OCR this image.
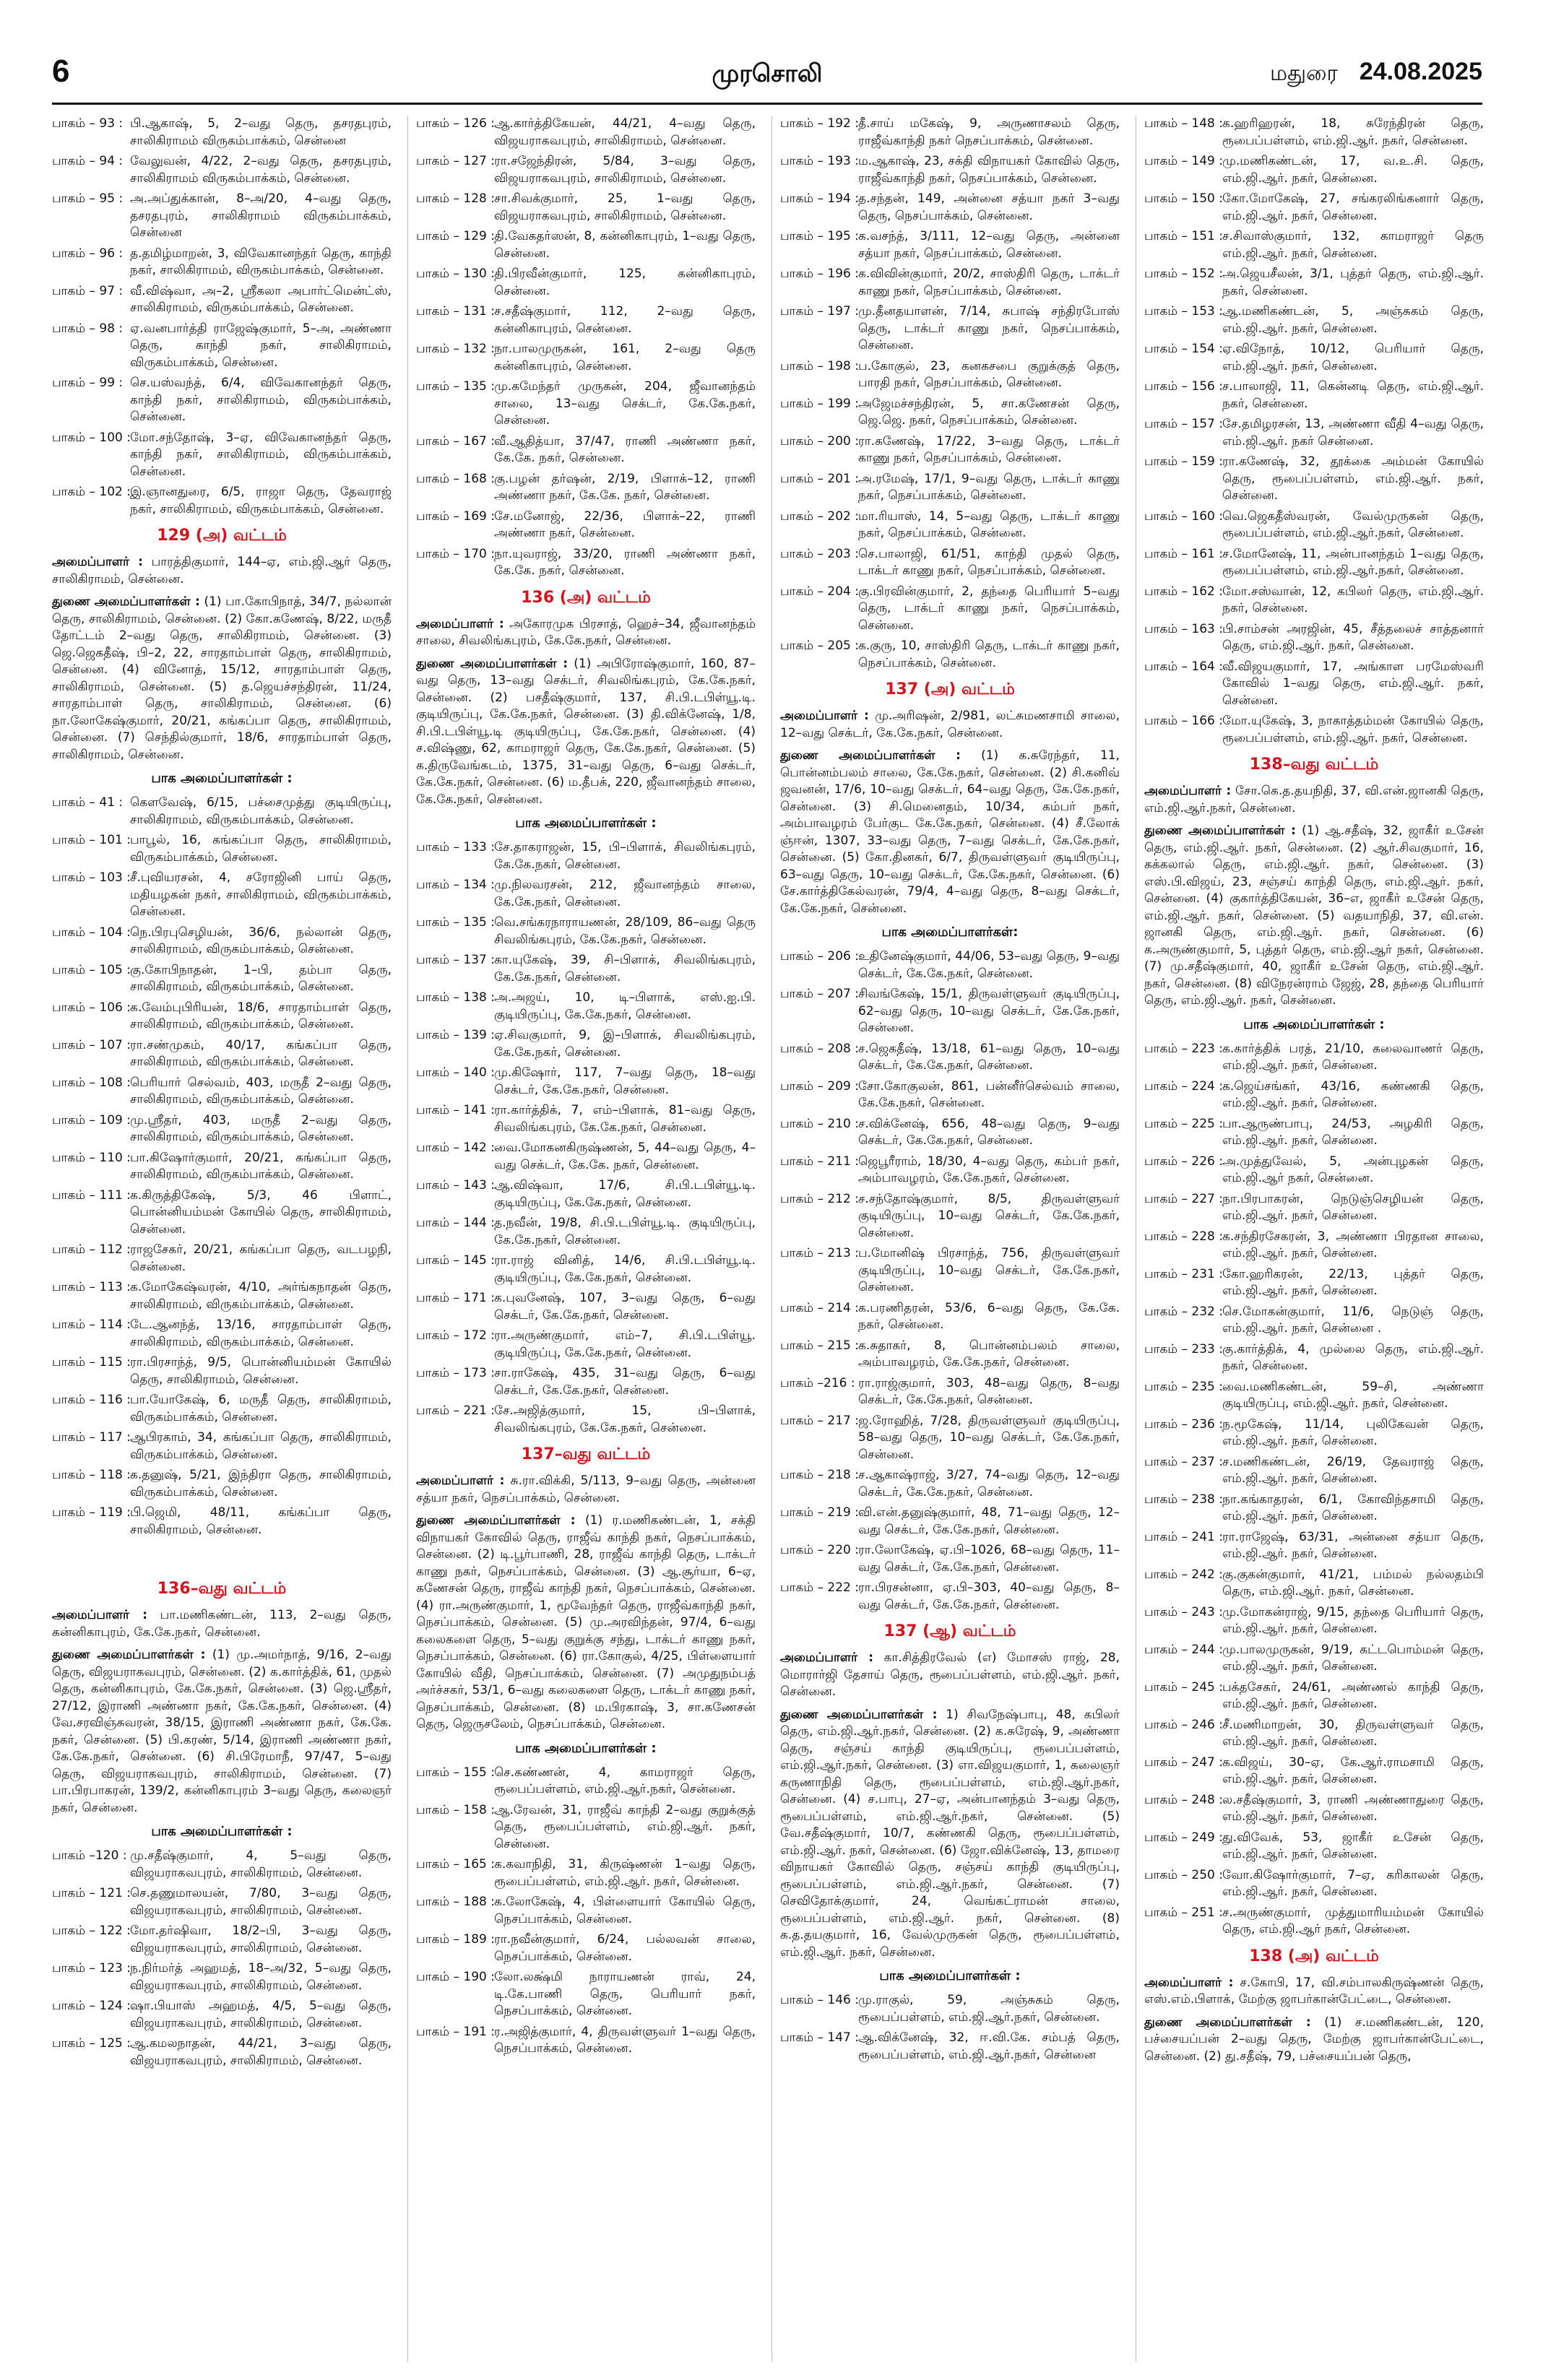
6	முரசொலி	மதுரை 24.08.2025
பாகம் – 93 : பி.ஆகாஷ், 5, 2–வது தெரு, தசரதபுரம், சாலிகிராமம் விருகம்பாக்கம், சென்னை
பாகம் – 94 : வேலுவன், 4/22, 2–வது தெரு, தசரதபுரம், சாலிகிராமம் விருகம்பாக்கம், சென்னை.
பாகம் – 95 : அ.அப்துக்கான், 8–அ/20, 4–வது தெரு, தசரதபுரம், சாலிகிராமம் விருகம்பாக்கம், சென்னை
பாகம் – 96 : த.தமிழ்மாறன், 3, விவேகானந்தர் தெரு, காந்தி நகர், சாலிகிராமம், விருகம்பாக்கம், சென்னை.
பாகம் – 97 : வீ.விஷ்வா, அ–2, ஸ்ரீகலா அபார்ட்மென்ட்ஸ், சாலிகிராமம், விருகம்பாக்கம், சென்னை.
பாகம் – 98 : ஏ.வனபார்த்தி ராஜேஷ்குமார், 5–அ, அண்ணா தெரு, காந்தி நகர், சாலிகிராமம், விருகம்பாக்கம், சென்னை.
பாகம் – 99 : செ.யஸ்வந்த், 6/4, விவேகானந்தர் தெரு, காந்தி நகர், சாலிகிராமம், விருகம்பாக்கம், சென்னை.
பாகம் – 100 : மோ.சந்தோஷ், 3–ஏ, விவேகானந்தர் தெரு, காந்தி நகர், சாலிகிராமம், விருகம்பாக்கம், சென்னை.
பாகம் – 102 : இ.ஞானதுரை, 6/5, ராஜா தெரு, தேவராஜ் நகர், சாலிகிராமம், விருகம்பாக்கம், சென்னை.
129 (அ) வட்டம்
அமைப்பாளர் : பாரத்திகுமார், 144–ஏ, எம்.ஜி.ஆர் தெரு, சாலிகிராமம், சென்னை.
துணை அமைப்பாளர்கள் : (1) பா.கோபிநாத், 34/7, நல்லான் தெரு, சாலிகிராமம், சென்னை. (2) கோ.கணேஷ், 8/22, மருதீ தோட்டம் 2–வது தெரு, சாலிகிராமம், சென்னை. (3) ஜெ.ஜெகதீஷ், பி–2, 22, சாரதாம்பாள் தெரு, சாலிகிராமம், சென்னை. (4) வினோத், 15/12, சாரதாம்பாள் தெரு, சாலிகிராமம், சென்னை. (5) த.ஜெயச்சந்திரன், 11/24, சாரதாம்பாள் தெரு, சாலிகிராமம், சென்னை. (6) நா.லோகேஷ்குமார், 20/21, கங்கப்பா தெரு, சாலிகிராமம், சென்னை. (7) செந்தில்குமார், 18/6, சாரதாம்பாள் தெரு, சாலிகிராமம், சென்னை.
பாக அமைப்பாளர்கள் :
பாகம் – 41 : கௌவேஷ், 6/15, பச்சைமுத்து குடியிருப்பு, சாலிகிராமம், விருகம்பாக்கம், சென்னை.
பாகம் – 101 : பாபூல், 16, கங்கப்பா தெரு, சாலிகிராமம், விருகம்பாக்கம், சென்னை.
பாகம் – 103 : சீ.புவியரசன், 4, சரோஜினி பாய் தெரு, மதியழகன் நகர், சாலிகிராமம், விருகம்பாக்கம், சென்னை.
பாகம் – 104 : நெ.பிரபுசெழியன், 36/6, நல்லான் தெரு, சாலிகிராமம், விருகம்பாக்கம், சென்னை.
பாகம் – 105 : கு.கோபிநாதன், 1–பி, தம்பா தெரு, சாலிகிராமம், விருகம்பாக்கம், சென்னை.
பாகம் – 106 : க.வேம்புபிரியன், 18/6, சாரதாம்பாள் தெரு, சாலிகிராமம், விருகம்பாக்கம், சென்னை.
பாகம் – 107 : ரா.சண்முகம், 40/17, கங்கப்பா தெரு, சாலிகிராமம், விருகம்பாக்கம், சென்னை.
பாகம் – 108 : பெரியார் செல்வம், 403, மருதீ 2–வது தெரு, சாலிகிராமம், விருகம்பாக்கம், சென்னை.
பாகம் – 109 : மு.ஸ்ரீதர், 403, மருதீ 2–வது தெரு, சாலிகிராமம், விருகம்பாக்கம், சென்னை.
பாகம் – 110 : பா.கிஷோர்குமார், 20/21, கங்கப்பா தெரு, சாலிகிராமம், விருகம்பாக்கம், சென்னை.
பாகம் – 111 : க.கிருத்திகேஷ், 5/3, 46 பிளாட், பொன்னியம்மன் கோயில் தெரு, சாலிகிராமம், சென்னை.
பாகம் – 112 : ராஜசேகர், 20/21, கங்கப்பா தெரு, வடபழநி, சென்னை.
பாகம் – 113 : க.மோகேஷ்வரன், 4/10, அர்ங்கநாதன் தெரு, சாலிகிராமம், விருகம்பாக்கம், சென்னை.
பாகம் – 114 : டே.ஆனந்த், 13/16, சாரதாம்பாள் தெரு, சாலிகிராமம், விருகம்பாக்கம், சென்னை.
பாகம் – 115 : ரா.பிரசாந்த், 9/5, பொன்னியம்மன் கோயில் தெரு, சாலிகிராமம், சென்னை.
பாகம் – 116 : பா.யோகேஷ், 6, மருதீ தெரு, சாலிகிராமம், விருகம்பாக்கம், சென்னை.
பாகம் – 117 : ஆபிரகாம், 34, கங்கப்பா தெரு, சாலிகிராமம், விருகம்பாக்கம், சென்னை.
பாகம் – 118 : க.தனுஷ், 5/21, இந்திரா தெரு, சாலிகிராமம், விருகம்பாக்கம், சென்னை.
பாகம் – 119 : பி.ஜெமி, 48/11, கங்கப்பா தெரு, சாலிகிராமம், சென்னை.
136–வது வட்டம்
அமைப்பாளர் : பா.மணிகண்டன், 113, 2–வது தெரு, கன்னிகாபுரம், கே.கே.நகர், சென்னை.
துணை அமைப்பாளர்கள் : (1) மு.அமர்நாத், 9/16, 2–வது தெரு, விஜயராகவபுரம், சென்னை. (2) க.கார்த்திக், 61, முதல் தெரு, கன்னிகாபுரம், கே.கே.நகர், சென்னை. (3) ஜெ.ஸ்ரீதர், 27/12, இராணி அண்ணா நகர், கே.கே.நகர், சென்னை. (4) வே.சரவிஞ்சுவரன், 38/15, இராணி அண்ணா நகர், கே.கே. நகர், சென்னை. (5) பி.கரண், 5/14, இராணி அண்ணா நகர், கே.கே.நகர், சென்னை. (6) சி.பிரேமாநீ, 97/47, 5–வது தெரு, விஜயராகவபுரம், சாலிகிராமம், சென்னை. (7) பா.பிரபாகரன், 139/2, கன்னிகாபுரம் 3–வது தெரு, கலைஞர் நகர், சென்னை.
பாக அமைப்பாளர்கள் :
பாகம் –120 : மு.சதீஷ்குமார், 4, 5–வது தெரு, விஜயராகவபுரம், சாலிகிராமம், சென்னை.
பாகம் – 121 : செ.தணுமாலயன், 7/80, 3–வது தெரு, விஜயராகவபுரம், சாலிகிராமம், சென்னை.
பாகம் – 122 : மோ.தர்ஷிவா, 18/2–பி, 3–வது தெரு, விஜயராகவபுரம், சாலிகிராமம், சென்னை.
பாகம் – 123 : ந.நிர்மர்த் அஹமத், 18–அ/32, 5–வது தெரு, விஜயராகவபுரம், சாலிகிராமம், சென்னை.
பாகம் – 124 : ஷா.பியாஸ் அஹமத், 4/5, 5–வது தெரு, விஜயராகவபுரம், சாலிகிராமம், சென்னை.
பாகம் – 125 : ஆ.கமலநாதன், 44/21, 3–வது தெரு, விஜயராகவபுரம், சாலிகிராமம், சென்னை.
பாகம் – 126 : ஆ.கார்த்திகேயன், 44/21, 4–வது தெரு, விஜயராகவபுரம், சாலிகிராமம், சென்னை.
பாகம் – 127 : ரா.சஜேந்திரன், 5/84, 3–வது தெரு, விஜயராகவபுரம், சாலிகிராமம், சென்னை.
பாகம் – 128 : சா.சிவக்குமார், 25, 1–வது தெரு, விஜயராகவபுரம், சாலிகிராமம், சென்னை.
பாகம் – 129 : தி.வேகதர்ஸன், 8, கன்னிகாபுரம், 1–வது தெரு, சென்னை.
பாகம் – 130 : தி.பிரவீன்குமார், 125, கன்னிகாபுரம், சென்னை.
பாகம் – 131 : ச.சதீஷ்குமார், 112, 2–வது தெரு, கன்னிகாபுரம், சென்னை.
பாகம் – 132 : நா.பாலமுருகன், 161, 2–வது தெரு கன்னிகாபுரம், சென்னை.
பாகம் – 135 : மு.கமேந்தர் முருகன், 204, ஜீவானந்தம் சாலை, 13–வது செக்டர், கே.கே.நகர், சென்னை.
பாகம் – 167 : வீ.ஆதித்யா, 37/47, ராணி அண்ணா நகர், கே.கே. நகர், சென்னை.
பாகம் – 168 : கு.பழன் தர்ஷன், 2/19, பிளாக்–12, ராணி அண்ணா நகர், கே.கே. நகர், சென்னை.
பாகம் – 169 : சே.மனோஜ், 22/36, பிளாக்–22, ராணி அண்ணா நகர், சென்னை.
பாகம் – 170 : நா.யுவராஜ், 33/20, ராணி அண்ணா நகர், கே.கே. நகர், சென்னை.
136 (அ) வட்டம்
அமைப்பாளர் : அகோரமுக பிரசாத், ஹெச்–34, ஜீவானந்தம் சாலை, சிவலிங்கபுரம், கே.கே.நகர், சென்னை.
துணை அமைப்பாளர்கள் : (1) அபிரோஷ்குமார், 160, 87–வது தெரு, 13–வது செக்டர், சிவலிங்கபுரம், கே.கே.நகர், சென்னை. (2) பசதீஷ்குமார், 137, சி.பி.டபிள்யூ.டி. குடியிருப்பு, கே.கே.நகர், சென்னை. (3) தி.விக்னேஷ், 1/8, சி.பி.டபிள்யூ.டி குடியிருப்பு, கே.கே.நகர், சென்னை. (4) ச.விஷ்ணு, 62, காமராஜர் தெரு, கே.கே.நகர், சென்னை. (5) க.திருவேங்கடம், 1375, 31–வது தெரு, 6–வது செக்டர், கே.கே.நகர், சென்னை. (6) ம.தீபக், 220, ஜீவானந்தம் சாலை, கே.கே.நகர், சென்னை.
பாக அமைப்பாளர்கள் :
பாகம் – 133 : சே.தாகராஜன், 15, பி–பிளாக், சிவலிங்கபுரம், கே.கே.நகர், சென்னை.
பாகம் – 134 : மு.நிலவரசன், 212, ஜீவானந்தம் சாலை, கே.கே.நகர், சென்னை.
பாகம் – 135 : வெ.சங்கரநாராயணன், 28/109, 86–வது தெரு சிவலிங்கபுரம், கே.கே.நகர், சென்னை.
பாகம் – 137 : கா.யுகேஷ், 39, சி–பிளாக், சிவலிங்கபுரம், கே.கே.நகர், சென்னை.
பாகம் – 138 : அ.அஜய், 10, டி–பிளாக், எஸ்.ஐ.பி. குடியிருப்பு, கே.கே.நகர், சென்னை.
பாகம் – 139 : ஏ.சிவகுமார், 9, இ–பிளாக், சிவலிங்கபுரம், கே.கே.நகர், சென்னை.
பாகம் – 140 : மு.கிஷோர், 117, 7–வது தெரு, 18–வது செக்டர், கே.கே.நகர், சென்னை.
பாகம் – 141 : ரா.கார்த்திக், 7, எம்–பிளாக், 81–வது தெரு, சிவலிங்கபுரம், கே.கே.நகர், சென்னை.
பாகம் – 142 : வை.மோகனகிருஷ்ணன், 5, 44–வது தெரு, 4–வது செக்டர், கே.கே. நகர், சென்னை.
பாகம் – 143 : ஆ.விஷ்வா, 17/6, சி.பி.டபிள்யூ.டி. குடியிருப்பு, கே.கே.நகர், சென்னை.
பாகம் – 144 : த.நவீன், 19/8, சி.பி.டபிள்யூ.டி. குடியிருப்பு, கே.கே.நகர், சென்னை.
பாகம் – 145 : ரா.ராஜ் வினித், 14/6, சி.பி.டபிள்யூ.டி. குடியிருப்பு, கே.கே.நகர், சென்னை.
பாகம் – 171 : க.புவனேஷ், 107, 3–வது தெரு, 6–வது செக்டர், கே.கே.நகர், சென்னை.
பாகம் – 172 : ரா.அருண்குமார், எம்–7, சி.பி.டபிள்யூ. குடியிருப்பு, கே.கே.நகர், சென்னை.
பாகம் – 173 : சா.ராகேஷ், 435, 31–வது தெரு, 6–வது செக்டர், கே.கே.நகர், சென்னை.
பாகம் – 221 : சே.அஜித்குமார், 15, பி–பிளாக், சிவலிங்கபுரம், கே.கே.நகர், சென்னை.
137–வது வட்டம்
அமைப்பாளர் : சு.ரா.விக்கி, 5/113, 9–வது தெரு, அன்னை சத்யா நகர், நெசப்பாக்கம், சென்னை.
துணை அமைப்பாளர்கள் : (1) ர.மணிகண்டன், 1, சக்தி விநாயகர் கோவில் தெரு, ராஜீவ் காந்தி நகர், நெசப்பாக்கம், சென்னை. (2) டி.பூர்பாணி, 28, ராஜீவ் காந்தி தெரு, டாக்டர் காணு நகர், நெசப்பாக்கம், சென்னை. (3) ஆ.சூர்யா, 6–ஏ, கணேசன் தெரு, ராஜீவ் காந்தி நகர், நெசப்பாக்கம், சென்னை. (4) ரா.அருண்குமார், 1, மூவேந்தர் தெரு, ராஜீவ்காந்தி நகர், நெசப்பாக்கம், சென்னை. (5) மு.அரவிந்தன், 97/4, 6–வது கலைகளை தெரு, 5–வது குறுக்கு சந்து, டாக்டர் காணு நகர், நெசப்பாக்கம், சென்னை. (6) ரா.கோகுல், 4/25, பிள்ளையார் கோயில் வீதி, நெசப்பாக்கம், சென்னை. (7) அமுதுநம்பத் அர்ச்சகர், 53/1, 6–வது கலைகளை தெரு, டாக்டர் காணு நகர், நெசப்பாக்கம், சென்னை. (8) ம.பிரகாஷ், 3, சா.கணேசன் தெரு, ஜெருசலேம், நெசப்பாக்கம், சென்னை.
பாக அமைப்பாளர்கள் :
பாகம் – 155 : செ.கண்ணன், 4, காமராஜர் தெரு, ரூபைப்பள்ளம், எம்.ஜி.ஆர்.நகர், சென்னை.
பாகம் – 158 : ஆ.ரேவன், 31, ராஜீவ் காந்தி 2–வது குறுக்குத் தெரு, ரூபைப்பள்ளம், எம்.ஜி.ஆர். நகர், சென்னை.
பாகம் – 165 : க.கவாநிதி, 31, கிருஷ்ணன் 1–வது தெரு, ரூபைப்பள்ளம், எம்.ஜி.ஆர். நகர், சென்னை.
பாகம் – 188 : க.லோகேஷ், 4, பிள்ளையார் கோயில் தெரு, நெசப்பாக்கம், சென்னை.
பாகம் – 189 : ரா.நவீன்குமார், 6/24, பல்லவன் சாலை, நெசப்பாக்கம், சென்னை.
பாகம் – 190 : லோ.லக்ஷ்மி நாராயணன் ராவ், 24, டி.கே.பாணி தெரு, பெரியார் நகர், நெசப்பாக்கம், சென்னை.
பாகம் – 191 : ர.அஜித்குமார், 4, திருவள்ளுவர் 1–வது தெரு, நெசப்பாக்கம், சென்னை.
பாகம் – 192 : தீ.சாய் மகேஷ், 9, அருணாசலம் தெரு, ராஜீவ்காந்தி நகர் நெசப்பாக்கம், சென்னை.
பாகம் – 193 : ம.ஆகாஷ், 23, சக்தி விநாயகர் கோவில் தெரு, ராஜீவ்காந்தி நகர், நெசப்பாக்கம், சென்னை.
பாகம் – 194 : த.சந்தன், 149, அன்னை சத்யா நகர் 3–வது தெரு, நெசப்பாக்கம், சென்னை.
பாகம் – 195 : க.வசந்த், 3/111, 12–வது தெரு, அன்னை சத்யா நகர், நெசப்பாக்கம், சென்னை.
பாகம் – 196 : க.விவின்குமார், 20/2, சாஸ்திரி தெரு, டாக்டர் காணு நகர், நெசப்பாக்கம், சென்னை.
பாகம் – 197 : மு.தீனதயாளன், 7/14, சுபாஷ் சந்திரபோஸ் தெரு, டாக்டர் காணு நகர், நெசப்பாக்கம், சென்னை.
பாகம் – 198 : ப.கோகுல், 23, கனகசபை குறுக்குத் தெரு, பாரதி நகர், நெசப்பாக்கம், சென்னை.
பாகம் – 199 : அஜேமச்சந்திரன், 5, சா.கணேசன் தெரு, ஜெ.ஜெ. நகர், நெசப்பாக்கம், சென்னை.
பாகம் – 200 : ரா.கணேஷ், 17/22, 3–வது தெரு, டாக்டர் காணு நகர், நெசப்பாக்கம், சென்னை.
பாகம் – 201 : அ.ரமேஷ், 17/1, 9–வது தெரு, டாக்டர் காணு நகர், நெசப்பாக்கம், சென்னை.
பாகம் – 202 : மா.ரியாஸ், 14, 5–வது தெரு, டாக்டர் காணு நகர், நெசப்பாக்கம், சென்னை.
பாகம் – 203 : செ.பாலாஜி, 61/51, காந்தி முதல் தெரு, டாக்டர் காணு நகர், நெசப்பாக்கம், சென்னை.
பாகம் – 204 : கு.பிரவின்குமார், 2, தந்தை பெரியார் 5–வது தெரு, டாக்டர் காணு நகர், நெசப்பாக்கம், சென்னை.
பாகம் – 205 : க.குரு, 10, சாஸ்திரி தெரு, டாக்டர் காணு நகர், நெசப்பாக்கம், சென்னை.
137 (அ) வட்டம்
அமைப்பாளர் : மு.அரிஷன், 2/981, லட்சுமணசாமி சாலை, 12–வது செக்டர், கே.கே.நகர், சென்னை.
துணை அமைப்பாளர்கள் : (1) க.சுரேந்தர், 11, பொன்னம்பலம் சாலை, கே.கே.நகர், சென்னை. (2) சி.கனிவ் ஜவனன், 17/6, 10–வது செக்டர், 64–வது தெரு, கே.கே.நகர், சென்னை. (3) சி.மெனைதம், 10/34, கம்பர் நகர், அம்பாவழரம் பேர்குட கே.கே.நகர், சென்னை. (4) சீ.லோக் ஞ்ஈன், 1307, 33–வது தெரு, 7–வது செக்டர், கே.கே.நகர், சென்னை. (5) கோ.தினகர், 6/7, திருவள்ளுவர் குடியிருப்பு, 63–வது தெரு, 10–வது செக்டர், கே.கே.நகர், சென்னை. (6) சே.கார்த்திகேல்வரன், 79/4, 4–வது தெரு, 8–வது செக்டர், கே.கே.நகர், சென்னை.
பாக அமைப்பாளர்கள்:
பாகம் – 206 : உதினேஷ்குமார், 44/06, 53–வது தெரு, 9–வது செக்டர், கே.கே.நகர், சென்னை.
பாகம் – 207 : சிவங்கேஷ், 15/1, திருவள்ளுவர் குடியிருப்பு, 62–வது தெரு, 10–வது செக்டர், கே.கே.நகர், சென்னை.
பாகம் – 208 : ச.ஜெகதீஷ், 13/18, 61–வது தெரு, 10–வது செக்டர், கே.கே.நகர், சென்னை.
பாகம் – 209 : சோ.கோகுலன், 861, பன்னீர்செல்வம் சாலை, கே.கே.நகர், சென்னை.
பாகம் – 210 : ச.விக்னேஷ், 656, 48–வது தெரு, 9–வது செக்டர், கே.கே.நகர், சென்னை.
பாகம் – 211 : ஜெபூரீராம், 18/30, 4–வது தெரு, கம்பர் நகர், அம்பாவழரம், கே.கே.நகர், சென்னை.
பாகம் – 212 : ச.சந்தோஷ்குமார், 8/5, திருவள்ளுவர் குடியிருப்பு, 10–வது செக்டர், கே.கே.நகர், சென்னை.
பாகம் – 213 : ப.மோனிஷ் பிரசாந்த், 756, திருவள்ளுவர் குடியிருப்பு, 10–வது செக்டர், கே.கே.நகர், சென்னை.
பாகம் – 214 : க.பரணிதரன், 53/6, 6–வது தெரு, கே.கே. நகர், சென்னை.
பாகம் – 215 : க.சுதாகர், 8, பொன்னம்பலம் சாலை, அம்பாவழரம், கே.கே.நகர், சென்னை.
பாகம் –216 : ரா.ராஜ்குமார், 303, 48–வது தெரு, 8–வது செக்டர், கே.கே.நகர், சென்னை.
பாகம் – 217 : ஜ.ரோஹித், 7/28, திருவள்ளுவர் குடியிருப்பு, 58–வது தெரு, 10–வது செக்டர், கே.கே.நகர், சென்னை.
பாகம் – 218 : ச.ஆகாஷ்ராஜ், 3/27, 74–வது தெரு, 12–வது செக்டர், கே.கே.நகர், சென்னை.
பாகம் – 219 : வி.என்.தனுஷ்குமார், 48, 71–வது தெரு, 12–வது செக்டர், கே.கே.நகர், சென்னை.
பாகம் – 220 : ரா.லோகேஷ், ஏ.பி–1026, 68–வது தெரு, 11–வது செக்டர், கே.கே.நகர், சென்னை.
பாகம் – 222 : ரா.பிரசன்னா, ஏ.பி–303, 40–வது தெரு, 8–வது செக்டர், கே.கே.நகர், சென்னை.
137 (ஆ) வட்டம்
அமைப்பாளர் : கா.சித்திரவேல் (எ) மோசஸ் ராஜ், 28, மொரார்ஜி தேசாய் தெரு, ரூபைப்பள்ளம், எம்.ஜி.ஆர். நகர், சென்னை.
துணை அமைப்பாளர்கள் : 1) சிவநேஷ்பாபு, 48, கபிலர் தெரு, எம்.ஜி.ஆர்.நகர், சென்னை. (2) க.சுரேஷ், 9, அண்ணா தெரு, சஞ்சய் காந்தி குடியிருப்பு, ரூபைப்பள்ளம், எம்.ஜி.ஆர்.நகர், சென்னை. (3) எா.விஜயகுமார், 1, கலைஞர் கருணாநிதி தெரு, ரூபைப்பள்ளம், எம்.ஜி.ஆர்.நகர், சென்னை. (4) ச.பாபு, 27–ஏ, அன்பானந்தம் 3–வது தெரு, ரூபைப்பள்ளம், எம்.ஜி.ஆர்.நகர், சென்னை. (5) வே.சதீஷ்குமார், 10/7, கண்ணகி தெரு, ரூபைப்பள்ளம், எம்.ஜி.ஆர். நகர், சென்னை. (6) ஜோ.விக்னேஷ், 13, தாமரை விநாயகர் கோவில் தெரு, சஞ்சய் காந்தி குடியிருப்பு, ரூபைப்பள்ளம், எம்.ஜி.ஆர்.நகர், சென்னை. (7) செவிதோக்குமார், 24, வெங்கட்ராமன் சாலை, ரூபைப்பள்ளம், எம்.ஜி.ஆர். நகர், சென்னை. (8) க.த.தயகுமார், 16, வேல்முருகன் தெரு, ரூபைப்பள்ளம், எம்.ஜி.ஆர். நகர், சென்னை.
பாக அமைப்பாளர்கள் :
பாகம் – 146 : மு.ராகுல், 59, அஞ்சுகம் தெரு, ரூபைப்பள்ளம், எம்.ஜி.ஆர்.நகர், சென்னை.
பாகம் – 147 : ஆ.விக்னேஷ், 32, ஈ.வி.கே. சம்பத் தெரு, ரூபைப்பள்ளம், எம்.ஜி.ஆர்.நகர், சென்னை
பாகம் – 148 : க.ஹரிஹரன், 18, சுரேந்திரன் தெரு, ரூபைப்பள்ளம், எம்.ஜி.ஆர். நகர், சென்னை.
பாகம் – 149 : மு.மணிகண்டன், 17, வ.உ.சி. தெரு, எம்.ஜி.ஆர். நகர், சென்னை.
பாகம் – 150 : கோ.மோகேஷ், 27, சங்கரலிங்கனார் தெரு, எம்.ஜி.ஆர். நகர், சென்னை.
பாகம் – 151 : ச.சிவாஸ்குமார், 132, காமராஜர் தெரு எம்.ஜி.ஆர். நகர், சென்னை.
பாகம் – 152 : அ.ஜெயசீலன், 3/1, புத்தர் தெரு, எம்.ஜி.ஆர். நகர், சென்னை.
பாகம் – 153 : ஆ.மணிகண்டன், 5, அஞ்சுகம் தெரு, எம்.ஜி.ஆர். நகர், சென்னை.
பாகம் – 154 : ஏ.விநோத், 10/12, பெரியார் தெரு, எம்.ஜி.ஆர். நகர், சென்னை.
பாகம் – 156 : ச.பாலாஜி, 11, கென்னடி தெரு, எம்.ஜி.ஆர். நகர், சென்னை.
பாகம் – 157 : சே.தமிழரசன், 13, அண்ணா வீதி 4–வது தெரு, எம்.ஜி.ஆர். நகர் சென்னை.
பாகம் – 159 : ரா.கணேஷ், 32, தூக்கை அம்மன் கோயில் தெரு, ரூபைப்பள்ளம், எம்.ஜி.ஆர். நகர், சென்னை.
பாகம் – 160 : வெ.ஜெகதீஸ்வரன், வேல்முருகன் தெரு, ரூபைப்பள்ளம், எம்.ஜி.ஆர்.நகர், சென்னை.
பாகம் – 161 : ச.மோனேஷ், 11, அன்பானந்தம் 1–வது தெரு, ரூபைப்பள்ளம், எம்.ஜி.ஆர்.நகர், சென்னை.
பாகம் – 162 : மோ.சஸ்வான், 12, கபிலர் தெரு, எம்.ஜி.ஆர். நகர், சென்னை.
பாகம் – 163 : பி.சாம்சன் அரஜின், 45, சீத்தலைச் சாத்தனார் தெரு, எம்.ஜி.ஆர். நகர், சென்னை.
பாகம் – 164 : வீ.விஜயகுமார், 17, அங்காள பரமேஸ்வரி கோவில் 1–வது தெரு, எம்.ஜி.ஆர். நகர், சென்னை.
பாகம் – 166 : மோ.யுகேஷ், 3, நாகாத்தம்மன் கோயில் தெரு, ரூபைப்பள்ளம், எம்.ஜி.ஆர். நகர், சென்னை.
138–வது வட்டம்
அமைப்பாளர் : சோ.கெ.த.தயநிதி, 37, வி.என்.ஜானகி தெரு, எம்.ஜி.ஆர்.நகர், சென்னை.
துணை அமைப்பாளர்கள் : (1) ஆ.சதீஷ், 32, ஜாகீர் உசேன் தெரு, எம்.ஜி.ஆர். நகர், சென்னை. (2) ஆர்.சிவகுமார், 16, கக்கலால் தெரு, எம்.ஜி.ஆர். நகர், சென்னை. (3) எஸ்.பி.விஜய், 23, சஞ்சய் காந்தி தெரு, எம்.ஜி.ஆர். நகர், சென்னை. (4) குகார்த்திகேயன், 36–எ, ஜாகீர் உசேன் தெரு, எம்.ஜி.ஆர். நகர், சென்னை. (5) வதயாநிதி, 37, வி.என். ஜானகி தெரு, எம்.ஜி.ஆர். நகர், சென்னை. (6) க.அருண்குமார், 5, புத்தர் தெரு, எம்.ஜி.ஆர் நகர், சென்னை. (7) மு.சதீஷ்குமார், 40, ஜாகீர் உசேன் தெரு, எம்.ஜி.ஆர். நகர், சென்னை. (8) விநேரன்ராம் ஜேஜ், 28, தந்தை பெரியார் தெரு, எம்.ஜி.ஆர். நகர், சென்னை.
பாக அமைப்பாளர்கள் :
பாகம் – 223 : க.கார்த்திக் பரத், 21/10, கலைவாணர் தெரு, எம்.ஜி.ஆர். நகர், சென்னை.
பாகம் – 224 : க.ஜெய்சங்கர், 43/16, கண்ணகி தெரு, எம்.ஜி.ஆர். நகர், சென்னை.
பாகம் – 225 : பா.ஆருண்பாபு, 24/53, அழகிரி தெரு, எம்.ஜி.ஆர். நகர், சென்னை.
பாகம் – 226 : அ.முத்துவேல், 5, அன்புழகன் தெரு, எம்.ஜி.ஆர் நகர், சென்னை.
பாகம் – 227 : நா.பிரபாகரன், நெடுஞ்செழியன் தெரு, எம்.ஜி.ஆர். நகர், சென்னை.
பாகம் – 228 : க.சந்திரசேகரன், 3, அண்ணா பிரதான சாலை, எம்.ஜி.ஆர். நகர், சென்னை.
பாகம் – 231 : கோ.ஹரிகரன், 22/13, புத்தர் தெரு, எம்.ஜி.ஆர். நகர், சென்னை.
பாகம் – 232 : செ.மோகன்குமார், 11/6, நெடுஞ் தெரு, எம்.ஜி.ஆர். நகர், சென்னை .
பாகம் – 233 : கு.கார்த்திக், 4, முல்லை தெரு, எம்.ஜி.ஆர். நகர், சென்னை.
பாகம் – 235 : வை.மணிகண்டன், 59–சி, அண்ணா குடியிருப்பு, எம்.ஜி.ஆர். நகர், சென்னை.
பாகம் – 236 : ந.மூகேஷ், 11/14, புலிகேவன் தெரு, எம்.ஜி.ஆர். நகர், சென்னை.
பாகம் – 237 : ச.மணிகண்டன், 26/19, தேவராஜ் தெரு, எம்.ஜி.ஆர். நகர், சென்னை.
பாகம் – 238 : நா.கங்காதரன், 6/1, கோவிந்தசாமி தெரு, எம்.ஜி.ஆர். நகர், சென்னை.
பாகம் – 241 : ரா.ராஜேஷ், 63/31, அன்னை சத்யா தெரு, எம்.ஜி.ஆர். நகர், சென்னை.
பாகம் – 242 : கு.குகன்குமார், 41/21, பம்மல் நல்லதம்பி தெரு, எம்.ஜி.ஆர். நகர், சென்னை.
பாகம் – 243 : மு.மோகன்ராஜ், 9/15, தந்தை பெரியார் தெரு, எம்.ஜி.ஆர். நகர், சென்னை.
பாகம் – 244 : மு.பாலமுருகன், 9/19, கட்டபொம்மன் தெரு, எம்.ஜி.ஆர். நகர், சென்னை.
பாகம் – 245 : பக்தசேகர், 24/61, அண்ணல் காந்தி தெரு, எம்.ஜி.ஆர். நகர், சென்னை.
பாகம் – 246 : சீ.மணிமாறன், 30, திருவள்ளுவர் தெரு, எம்.ஜி.ஆர். நகர், சென்னை.
பாகம் – 247 : க.விஜய், 30–ஏ, கே.ஆர்.ராமசாமி தெரு, எம்.ஜி.ஆர். நகர், சென்னை.
பாகம் – 248 : ல.சதீஷ்குமார், 3, ராணி அண்ணாதுரை தெரு, எம்.ஜி.ஆர். நகர், சென்னை.
பாகம் – 249 : து.விவேக், 53, ஜாகீர் உசேன் தெரு, எம்.ஜி.ஆர். நகர், சென்னை.
பாகம் – 250 : வோ.கிஷோர்குமார், 7–ஏ, கரிகாலன் தெரு, எம்.ஜி.ஆர். நகர், சென்னை.
பாகம் – 251 : ச.அருண்குமார், முத்துமாரியம்மன் கோயில் தெரு, எம்.ஜி.ஆர் நகர், சென்னை.
138 (அ) வட்டம்
அமைப்பாளர் : ச.கோபி, 17, வி.சம்பாலகிருஷ்ணன் தெரு, எஸ்.எம்.பிளாக், மேற்கு ஜாபர்கான்பேட்டை, சென்னை.
துணை அமைப்பாளர்கள் : (1) ச.மணிகண்டன், 120, பச்சையப்பன் 2–வது தெரு, மேற்கு ஜாபர்கான்பேட்டை, சென்னை. (2) து.சதீஷ், 79, பச்சையப்பன் தெரு,
